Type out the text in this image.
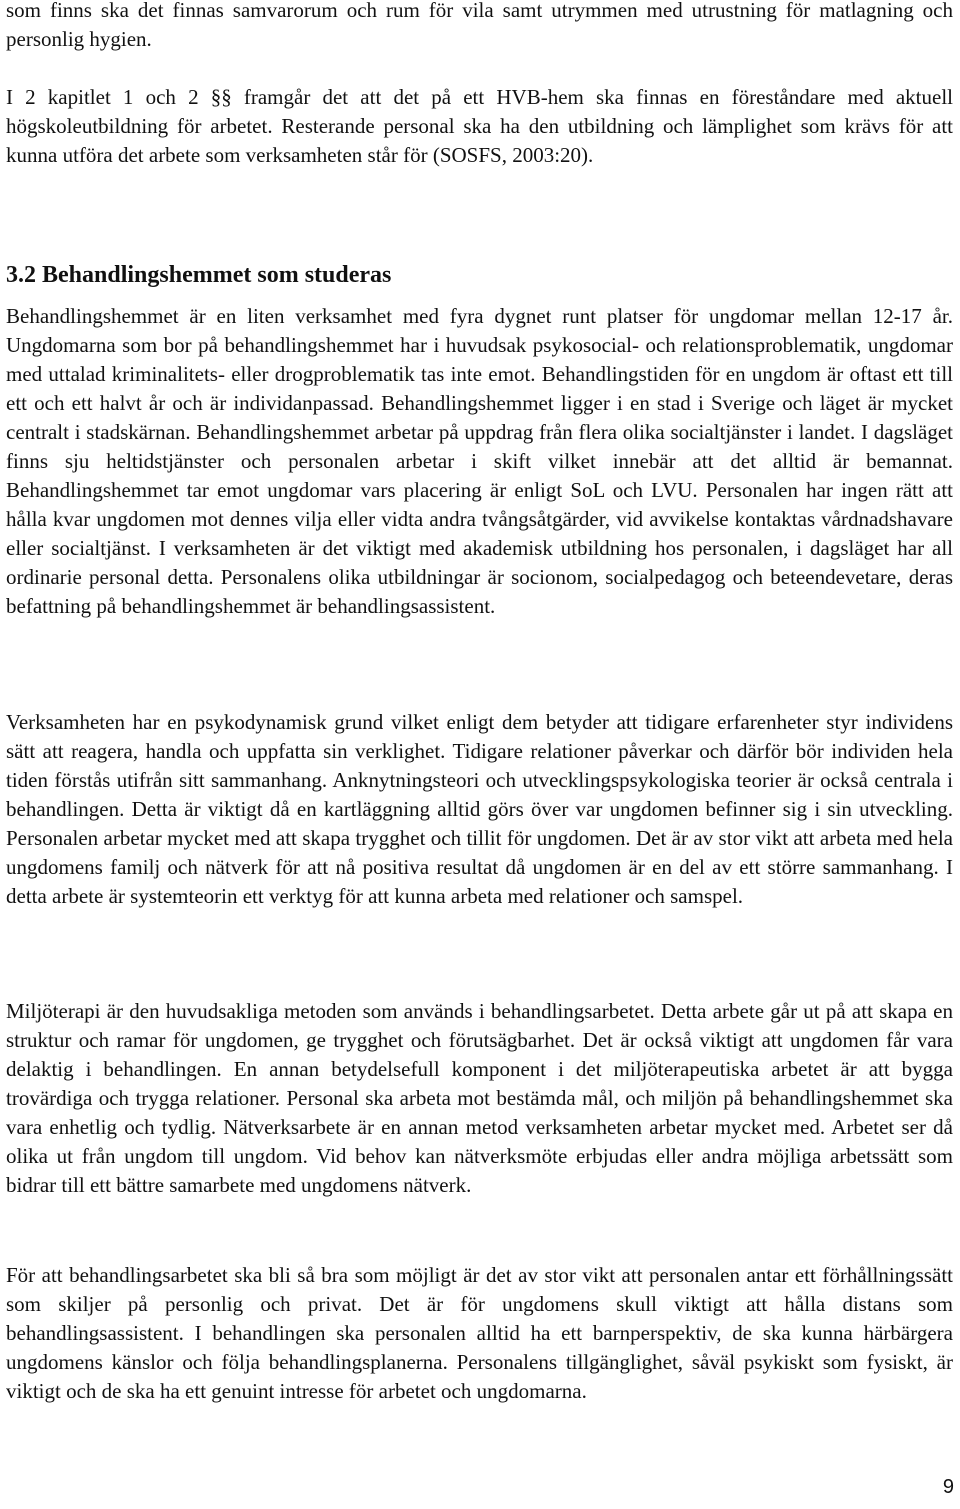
som finns ska det finnas samvarorum och rum för vila samt utrymmen med utrustning för matlagning och personlig hygien.

I 2 kapitlet 1 och 2 §§ framgår det att det på ett HVB-hem ska finnas en föreståndare med aktuell högskoleutbildning för arbetet. Resterande personal ska ha den utbildning och lämplighet som krävs för att kunna utföra det arbete som verksamheten står för (SOSFS, 2003:20).

3.2 Behandlingshemmet som studeras

Behandlingshemmet är en liten verksamhet med fyra dygnet runt platser för ungdomar mellan 12-17 år. Ungdomarna som bor på behandlingshemmet har i huvudsak psykosocial- och relationsproblematik, ungdomar med uttalad kriminalitets- eller drogproblematik tas inte emot. Behandlingstiden för en ungdom är oftast ett till ett och ett halvt år och är individanpassad. Behandlingshemmet ligger i en stad i Sverige och läget är mycket centralt i stadskärnan. Behandlingshemmet arbetar på uppdrag från flera olika socialtjänster i landet. I dagsläget finns sju heltidstjänster och personalen arbetar i skift vilket innebär att det alltid är bemannat. Behandlingshemmet tar emot ungdomar vars placering är enligt SoL och LVU. Personalen har ingen rätt att hålla kvar ungdomen mot dennes vilja eller vidta andra tvångsåtgärder, vid avvikelse kontaktas vårdnadshavare eller socialtjänst. I verksamheten är det viktigt med akademisk utbildning hos personalen, i dagsläget har all ordinarie personal detta. Personalens olika utbildningar är socionom, socialpedagog och beteendevetare, deras befattning på behandlingshemmet är behandlingsassistent.

Verksamheten har en psykodynamisk grund vilket enligt dem betyder att tidigare erfarenheter styr individens sätt att reagera, handla och uppfatta sin verklighet. Tidigare relationer påverkar och därför bör individen hela tiden förstås utifrån sitt sammanhang. Anknytningsteori och utvecklingspsykologiska teorier är också centrala i behandlingen. Detta är viktigt då en kartläggning alltid görs över var ungdomen befinner sig i sin utveckling. Personalen arbetar mycket med att skapa trygghet och tillit för ungdomen. Det är av stor vikt att arbeta med hela ungdomens familj och nätverk för att nå positiva resultat då ungdomen är en del av ett större sammanhang. I detta arbete är systemteorin ett verktyg för att kunna arbeta med relationer och samspel.

Miljöterapi är den huvudsakliga metoden som används i behandlingsarbetet. Detta arbete går ut på att skapa en struktur och ramar för ungdomen, ge trygghet och förutsägbarhet. Det är också viktigt att ungdomen får vara delaktig i behandlingen. En annan betydelsefull komponent i det miljöterapeutiska arbetet är att bygga trovärdiga och trygga relationer. Personal ska arbeta mot bestämda mål, och miljön på behandlingshemmet ska vara enhetlig och tydlig. Nätverksarbete är en annan metod verksamheten arbetar mycket med. Arbetet ser då olika ut från ungdom till ungdom. Vid behov kan nätverksmöte erbjudas eller andra möjliga arbetssätt som bidrar till ett bättre samarbete med ungdomens nätverk.

För att behandlingsarbetet ska bli så bra som möjligt är det av stor vikt att personalen antar ett förhållningssätt som skiljer på personlig och privat. Det är för ungdomens skull viktigt att hålla distans som behandlingsassistent. I behandlingen ska personalen alltid ha ett barnperspektiv, de ska kunna härbärgera ungdomens känslor och följa behandlingsplanerna. Personalens tillgänglighet, såväl psykiskt som fysiskt, är viktigt och de ska ha ett genuint intresse för arbetet och ungdomarna.

9
